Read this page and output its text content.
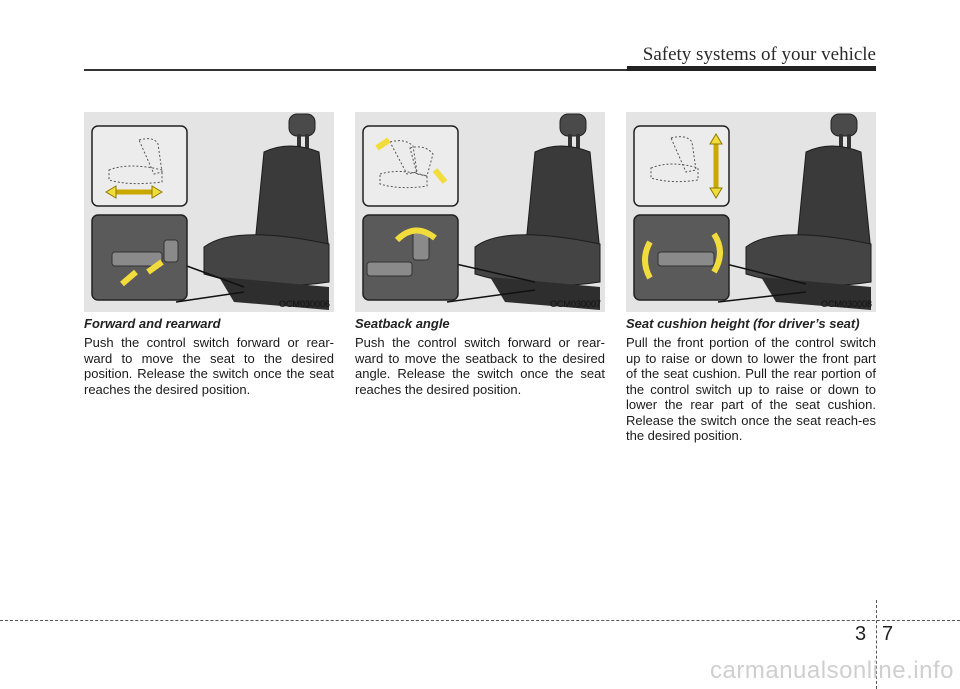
Safety systems of your vehicle
OCM030006	OCM030007	OCM030008
Forward and rearward

Push the control switch forward or rear-ward to move the seat to the desired position. Release the switch once the seat reaches the desired position.

Seatback angle

Push the control switch forward or rear-ward to move the seatback to the desired angle. Release the switch once the seat reaches the desired position.

Seat cushion height (for driver’s seat)

Pull the front portion of the control switch up to raise or down to lower the front part of the seat cushion. Pull the rear portion of the control switch up to raise or down to lower the rear part of the seat cushion. Release the switch once the seat reach-es the desired position.

3 7
carmanualsonline.info
